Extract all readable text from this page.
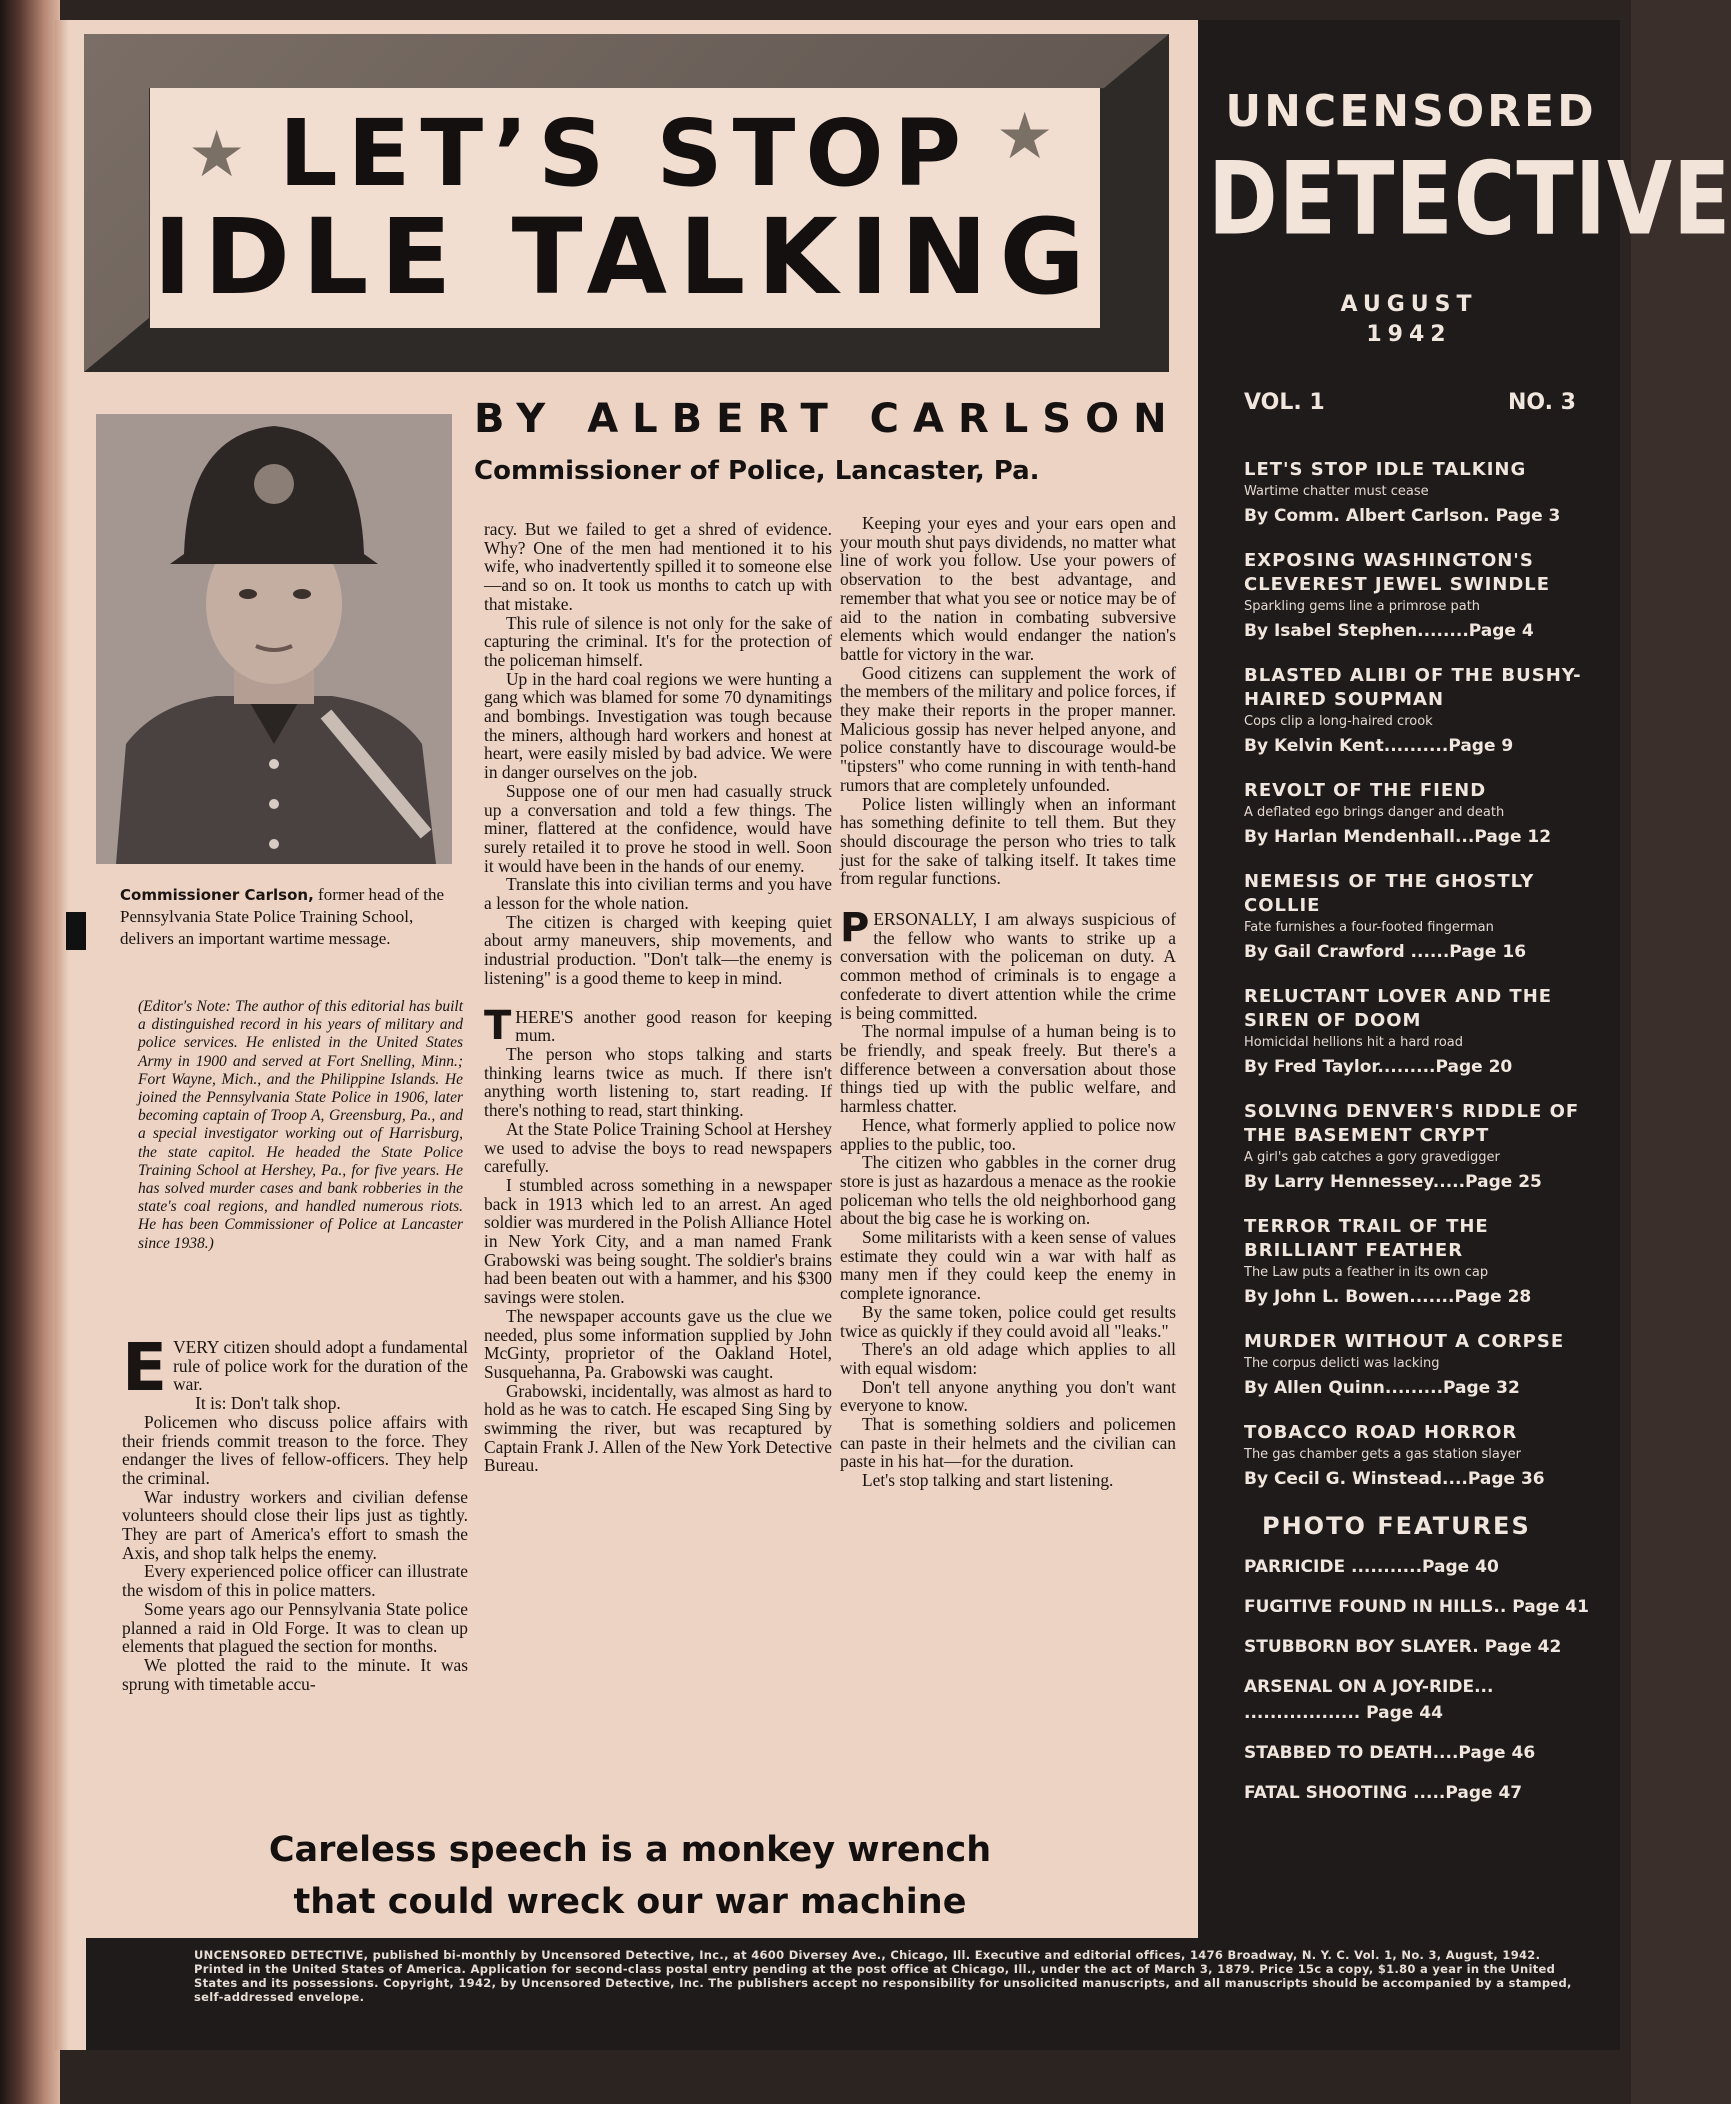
LET’S STOP
IDLE TALKING
★	★
BY ALBERT CARLSON
Commissioner of Police, Lancaster, Pa.
Commissioner Carlson, former head of the Pennsylvania State Police Training School, delivers an important wartime message.
(Editor's Note: The author of this editorial has built a distinguished record in his years of military and police services. He enlisted in the United States Army in 1900 and served at Fort Snelling, Minn.; Fort Wayne, Mich., and the Philippine Islands. He joined the Pennsylvania State Police in 1906, later becoming captain of Troop A, Greensburg, Pa., and a special investigator working out of Harrisburg, the state capitol. He headed the State Police Training School at Hershey, Pa., for five years. He has solved murder cases and bank robberies in the state's coal regions, and handled numerous riots. He has been Commissioner of Police at Lancaster since 1938.)

EVERY citizen should adopt a fundamental rule of police work for the duration of the war.

It is: Don't talk shop.

Policemen who discuss police affairs with their friends commit treason to the force. They endanger the lives of fellow-officers. They help the criminal.

War industry workers and civilian defense volunteers should close their lips just as tightly. They are part of America's effort to smash the Axis, and shop talk helps the enemy.

Every experienced police officer can illustrate the wisdom of this in police matters.

Some years ago our Pennsylvania State police planned a raid in Old Forge. It was to clean up elements that plagued the section for months.

We plotted the raid to the minute. It was sprung with timetable accu-

racy. But we failed to get a shred of evidence. Why? One of the men had mentioned it to his wife, who inadvertently spilled it to someone else—and so on. It took us months to catch up with that mistake.

This rule of silence is not only for the sake of capturing the criminal. It's for the protection of the policeman himself.

Up in the hard coal regions we were hunting a gang which was blamed for some 70 dynamitings and bombings. Investigation was tough because the miners, although hard workers and honest at heart, were easily misled by bad advice. We were in danger ourselves on the job.

Suppose one of our men had casually struck up a conversation and told a few things. The miner, flattered at the confidence, would have surely retailed it to prove he stood in well. Soon it would have been in the hands of our enemy.

Translate this into civilian terms and you have a lesson for the whole nation.

The citizen is charged with keeping quiet about army maneuvers, ship movements, and industrial production. "Don't talk—the enemy is listening" is a good theme to keep in mind.

THERE'S another good reason for keeping mum.

The person who stops talking and starts thinking learns twice as much. If there isn't anything worth listening to, start reading. If there's nothing to read, start thinking.

At the State Police Training School at Hershey we used to advise the boys to read newspapers carefully.

I stumbled across something in a newspaper back in 1913 which led to an arrest. An aged soldier was murdered in the Polish Alliance Hotel in New York City, and a man named Frank Grabowski was being sought. The soldier's brains had been beaten out with a hammer, and his $300 savings were stolen.

The newspaper accounts gave us the clue we needed, plus some information supplied by John McGinty, proprietor of the Oakland Hotel, Susquehanna, Pa. Grabowski was caught.

Grabowski, incidentally, was almost as hard to hold as he was to catch. He escaped Sing Sing by swimming the river, but was recaptured by Captain Frank J. Allen of the New York Detective Bureau.

Keeping your eyes and your ears open and your mouth shut pays dividends, no matter what line of work you follow. Use your powers of observation to the best advantage, and remember that what you see or notice may be of aid to the nation in combating subversive elements which would endanger the nation's battle for victory in the war.

Good citizens can supplement the work of the members of the military and police forces, if they make their reports in the proper manner. Malicious gossip has never helped anyone, and police constantly have to discourage would-be "tipsters" who come running in with tenth-hand rumors that are completely unfounded.

Police listen willingly when an informant has something definite to tell them. But they should discourage the person who tries to talk just for the sake of talking itself. It takes time from regular functions.

PERSONALLY, I am always suspicious of the fellow who wants to strike up a conversation with the policeman on duty. A common method of criminals is to engage a confederate to divert attention while the crime is being committed.

The normal impulse of a human being is to be friendly, and speak freely. But there's a difference between a conversation about those things tied up with the public welfare, and harmless chatter.

Hence, what formerly applied to police now applies to the public, too.

The citizen who gabbles in the corner drug store is just as hazardous a menace as the rookie policeman who tells the old neighborhood gang about the big case he is working on.

Some militarists with a keen sense of values estimate they could win a war with half as many men if they could keep the enemy in complete ignorance.

By the same token, police could get results twice as quickly if they could avoid all "leaks."

There's an old adage which applies to all with equal wisdom:

Don't tell anyone anything you don't want everyone to know.

That is something soldiers and policemen can paste in their helmets and the civilian can paste in his hat—for the duration.

Let's stop talking and start listening.

Careless speech is a monkey wrench
that could wreck our war machine
UNCENSORED
DETECTIVE
AUGUST
1942
VOL. 1	NO. 3
LET'S STOP IDLE TALKING
Wartime chatter must cease
By Comm. Albert Carlson. Page 3
EXPOSING WASHINGTON'S CLEVEREST JEWEL SWINDLE
Sparkling gems line a primrose path
By Isabel Stephen........Page 4
BLASTED ALIBI OF THE BUSHY-HAIRED SOUPMAN
Cops clip a long-haired crook
By Kelvin Kent..........Page 9
REVOLT OF THE FIEND
A deflated ego brings danger and death
By Harlan Mendenhall...Page 12
NEMESIS OF THE GHOSTLY COLLIE
Fate furnishes a four-footed fingerman
By Gail Crawford ......Page 16
RELUCTANT LOVER AND THE SIREN OF DOOM
Homicidal hellions hit a hard road
By Fred Taylor.........Page 20
SOLVING DENVER'S RIDDLE OF THE BASEMENT CRYPT
A girl's gab catches a gory gravedigger
By Larry Hennessey.....Page 25
TERROR TRAIL OF THE BRILLIANT FEATHER
The Law puts a feather in its own cap
By John L. Bowen.......Page 28
MURDER WITHOUT A CORPSE
The corpus delicti was lacking
By Allen Quinn.........Page 32
TOBACCO ROAD HORROR
The gas chamber gets a gas station slayer
By Cecil G. Winstead....Page 36
PHOTO FEATURES
PARRICIDE ...........Page 40
FUGITIVE FOUND IN HILLS.. Page 41
STUBBORN BOY SLAYER. Page 42
ARSENAL ON A JOY-RIDE... .................. Page 44
STABBED TO DEATH....Page 46
FATAL SHOOTING .....Page 47
UNCENSORED DETECTIVE, published bi-monthly by Uncensored Detective, Inc., at 4600 Diversey Ave., Chicago, Ill. Executive and editorial offices, 1476 Broadway, N. Y. C. Vol. 1, No. 3, August, 1942. Printed in the United States of America. Application for second-class postal entry pending at the post office at Chicago, Ill., under the act of March 3, 1879. Price 15c a copy, $1.80 a year in the United States and its possessions. Copyright, 1942, by Uncensored Detective, Inc. The publishers accept no responsibility for unsolicited manuscripts, and all manuscripts should be accompanied by a stamped, self-addressed envelope.
